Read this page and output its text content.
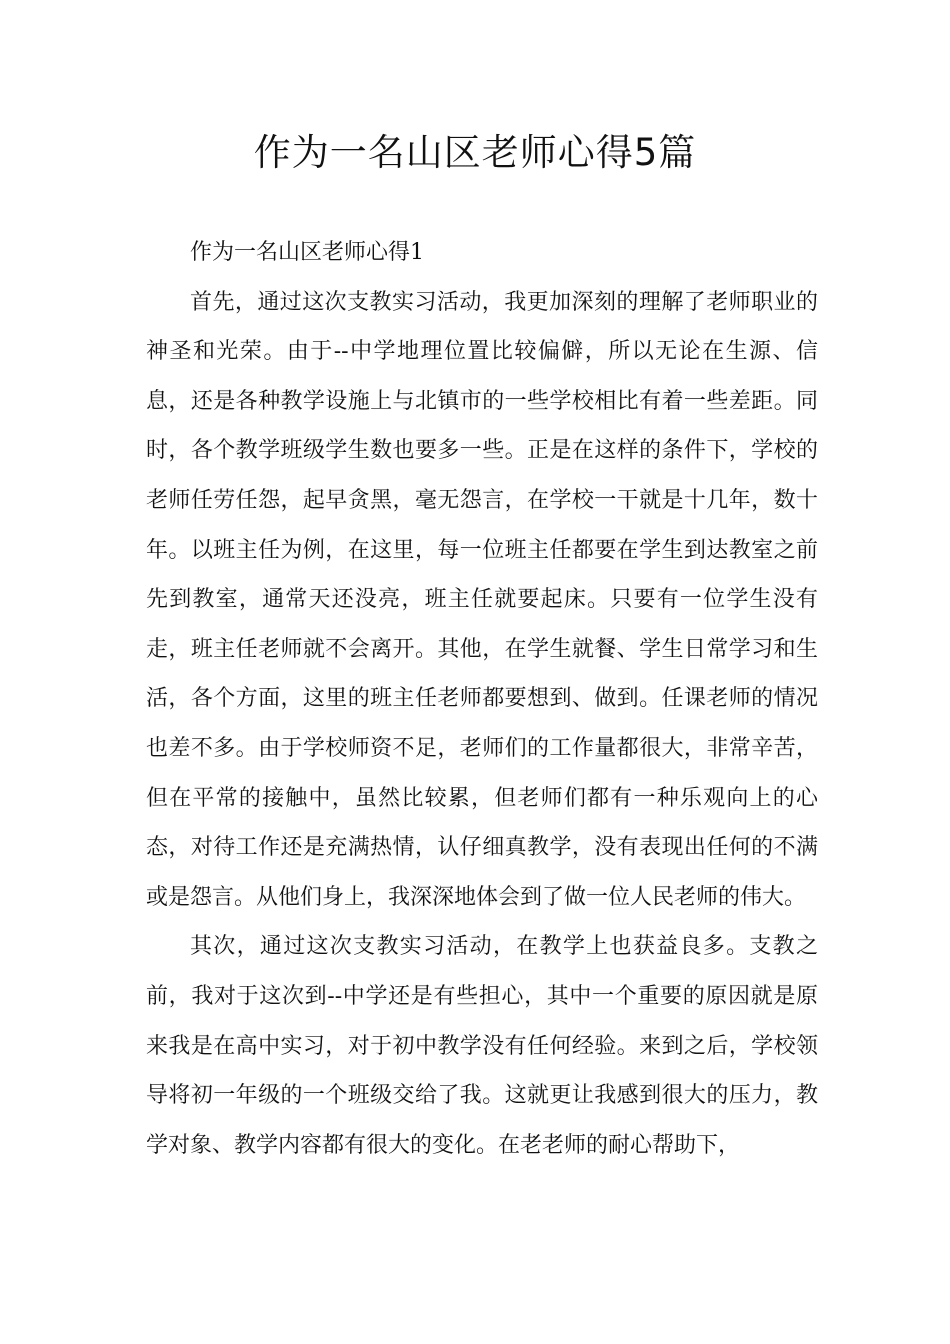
作为一名山区老师心得5篇

作为一名山区老师心得1

首先，通过这次支教实习活动，我更加深刻的理解了老师职业的神圣和光荣。由于--中学地理位置比较偏僻，所以无论在生源、信息，还是各种教学设施上与北镇市的一些学校相比有着一些差距。同时，各个教学班级学生数也要多一些。正是在这样的条件下，学校的老师任劳任怨，起早贪黑，毫无怨言，在学校一干就是十几年，数十年。以班主任为例，在这里，每一位班主任都要在学生到达教室之前先到教室，通常天还没亮，班主任就要起床。只要有一位学生没有走，班主任老师就不会离开。其他，在学生就餐、学生日常学习和生活，各个方面，这里的班主任老师都要想到、做到。任课老师的情况也差不多。由于学校师资不足，老师们的工作量都很大，非常辛苦，但在平常的接触中，虽然比较累，但老师们都有一种乐观向上的心态，对待工作还是充满热情，认仔细真教学，没有表现出任何的不满或是怨言。从他们身上，我深深地体会到了做一位人民老师的伟大。

其次，通过这次支教实习活动，在教学上也获益良多。支教之前，我对于这次到--中学还是有些担心，其中一个重要的原因就是原来我是在高中实习，对于初中教学没有任何经验。来到之后，学校领导将初一年级的一个班级交给了我。这就更让我感到很大的压力，教学对象、教学内容都有很大的变化。在老老师的耐心帮助下，
